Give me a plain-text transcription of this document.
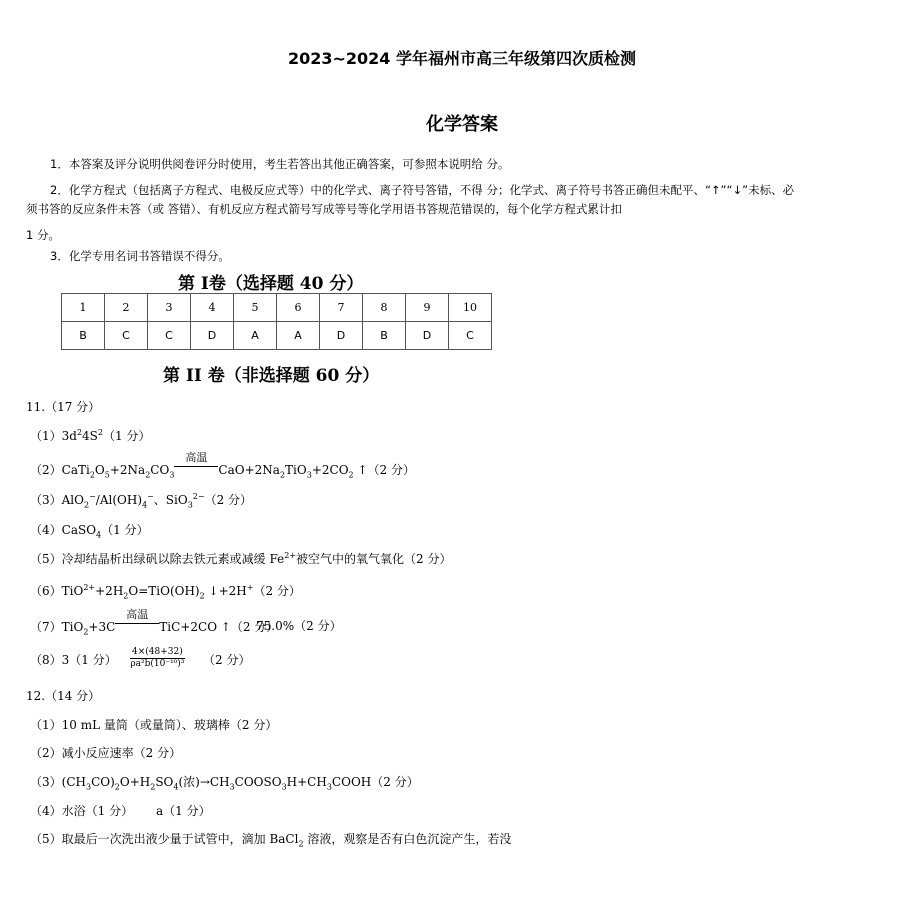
2023~2024 学年福州市高三年级第四次质检测
化学答案
1．本答案及评分说明供阅卷评分时使用，考生若答出其他正确答案，可参照本说明给 分。
2．化学方程式（包括离子方程式、电极反应式等）中的化学式、离子符号答错，不得 分；化学式、离子符号书答正确但未配平、“↑”“↓”未标、必
须书答的反应条件未答（或 答错）、有机反应方程式箭号写成等号等化学用语书答规范错误的，每个化学方程式累计扣
1 分。
3．化学专用名词书答错误不得分。
第 Ⅰ卷（选择题 40 分）
1	2	3	4	5	6	7	8	9	10
B	C	C	D	A	A	D	B	D	C
第 II 卷（非选择题 60 分）
11.（17 分）
$(1)3d^24S^2(1$ 分）
$(2)CaTi_2O_5+2Na_2CO_3$
高温
$CaO+2Na_2TiO_3+2CO_2$ ↑（2 分）
$(3)AlO_2^-/Al(OH)_4^-$、SiO$_3^{2-}$（2 分）
（4）CaSO$_4$（1 分）
（5）冷却结晶析出绿矾以除去铁元素或减缓 $Fe^{2+}$被空气中的氧气氧化（2 分）
$(6)TiO^{2+}+2H_2O=TiO(OH)_2$ ↓+2H+（2 分）
（7）TiO$_2$+3C
高温
TiC+2CO ↑（2 分）
75.0%（2 分）
（8）3（1 分） $\frac{4\times(48+32)}{\text{ρa²b(10⁻¹⁰)³}} (2$ 分）
12.（14 分）
（1）10 mL 量筒（或量筒）、玻璃棒（2 分）
（2）减小反应速率（2 分）
$(3)(CH_3CO)_2O+H_2SO_4$(浓)$\to CH_3COOSO_3H+CH_3COOH(2$ 分）
（4）水浴（1 分）      a（1 分）
（5）取最后一次洗出液少量于试管中，滴加 BaCl$_2$ 溶液，观察是否有白色沉淀产生，若没
